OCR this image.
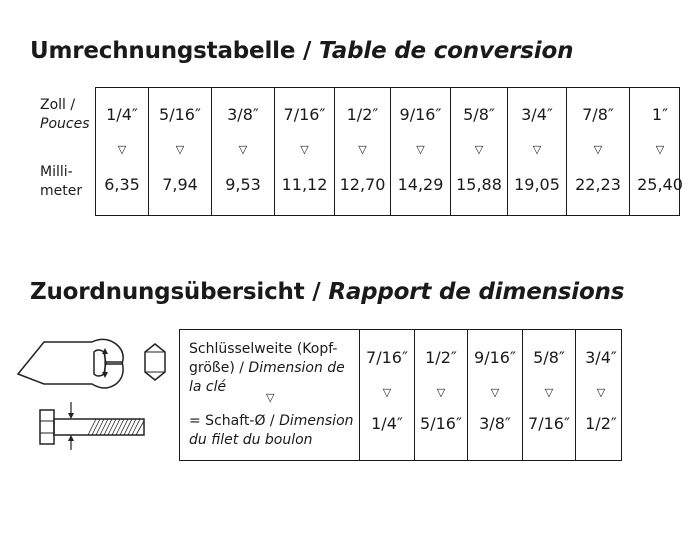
Umrechnungstabelle / Table de conversion
Zoll /
Pouces
Milli-
meter
1/4″
▽
6,35
5/16″
▽
7,94
3/8″
▽
9,53
7/16″
▽
11,12
1/2″
▽
12,70
9/16″
▽
14,29
5/8″
▽
15,88
3/4″
▽
19,05
7/8″
▽
22,23
1″
▽
25,40
Zuordnungsübersicht / Rapport de dimensions
Schlüsselweite (Kopf-größe) / Dimension de la clé
▽
= Schaft-Ø / Dimension du filet du boulon
7/16″
▽
1/4″
1/2″
▽
5/16″
9/16″
▽
3/8″
5/8″
▽
7/16″
3/4″
▽
1/2″
